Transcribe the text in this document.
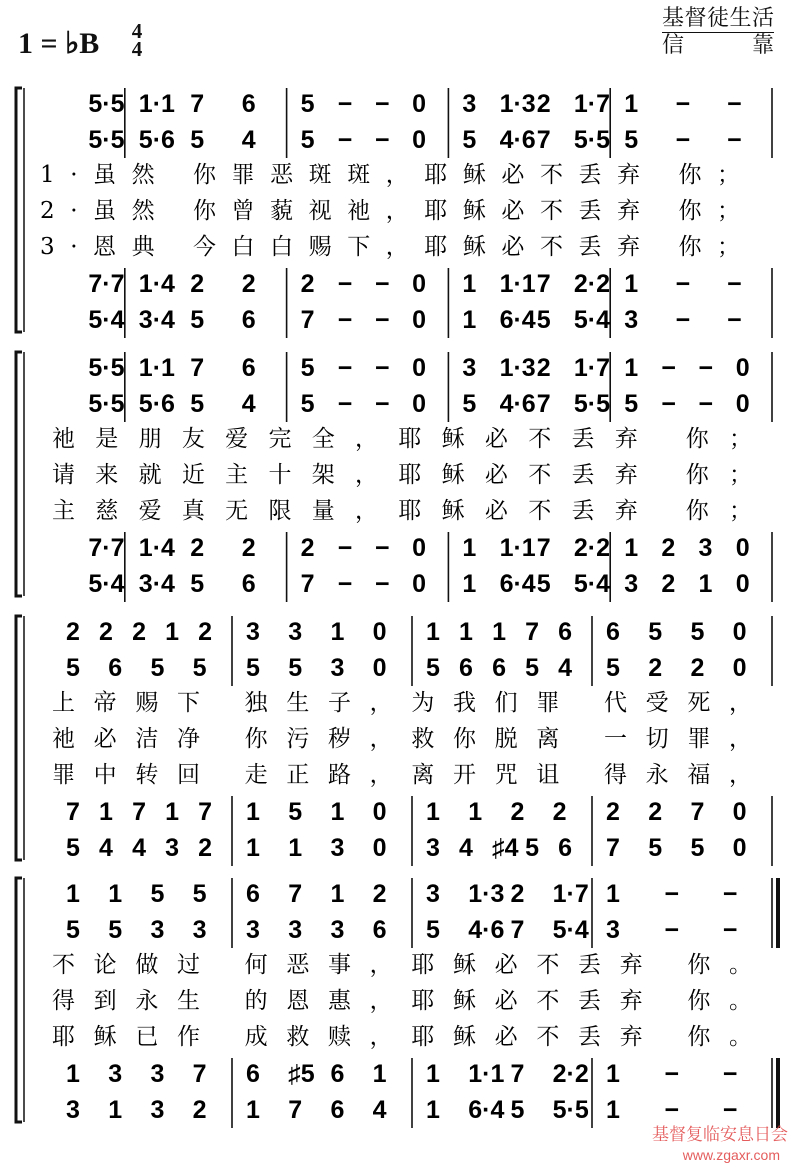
1 = ♭B 4
4
基督徒生活
信 靠
5·5 1·1 7 6 5 − − 0 3 1·3 2 1·7 1 − −
5·5 5·6 5 4 5 − − 0 5 4·6 7 5·5 5 − −
7·7 1·4 2 2 2 − − 0 1 1·1 7 2·2 1 − −
5·4 3·4 5 6 7 − − 0 1 6·4 5 5·4 3 − −
1·虽然 你罪恶斑斑，耶稣必不丢弃 你；
2·虽然 你曾藐视祂，耶稣必不丢弃 你；
3·恩典 今白白赐下，耶稣必不丢弃 你；
5·5 1·1 7 6 5 − − 0 3 1·3 2 1·7 1 − − 0
5·5 5·6 5 4 5 − − 0 5 4·6 7 5·5 5 − − 0
7·7 1·4 2 2 2 − − 0 1 1·1 7 2·2 1 2 3 0
5·4 3·4 5 6 7 − − 0 1 6·4 5 5·4 3 2 1 0
祂是朋友爱完全，耶稣必不丢弃 你；
请来就近主十架，耶稣必不丢弃 你；
主慈爱真无限量，耶稣必不丢弃 你；
2 2 2 1 2 3 3 1 0 1 1 1 7 6 6 5 5 0
5 6 5 5 5 5 3 0 5 6 6 5 4 5 2 2 0
7 1 7 1 7 1 5 1 0 1 1 2 2 2 2 7 0
5 4 4 3 2 1 1 3 0 3 4 ♯4 5 6 7 5 5 0
上帝赐下 独生子，为我们罪 代受死，
祂必洁净 你污秽，救你脱离 一切罪，
罪中转回 走正路，离开咒诅 得永福，
1 1 5 5 6 7 1 2 3 1·3 2 1·7 1 − −
5 5 3 3 3 3 3 6 5 4·6 7 5·4 3 − −
1 3 3 7 6 ♯5 6 1 1 1·1 7 2·2 1 − −
3 1 3 2 1 7 6 4 1 6·4 5 5·5 1 − −
不论做过 何恶事，耶稣必不丢弃 你。
得到永生 的恩惠，耶稣必不丢弃 你。
耶稣已作 成救赎，耶稣必不丢弃 你。
基督复临安息日会
www.zgaxr.com
